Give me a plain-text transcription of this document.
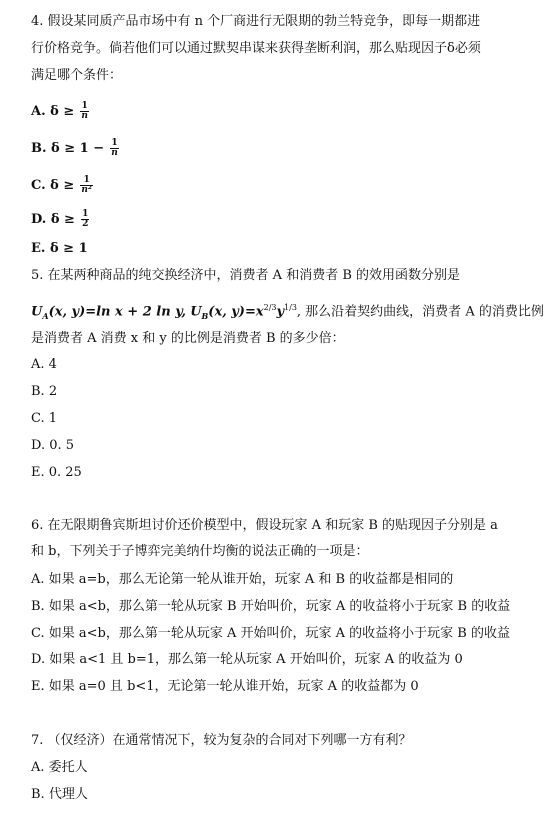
4. 假设某同质产品市场中有 n 个厂商进行无限期的勃兰特竞争，即每一期都进
行价格竞争。倘若他们可以通过默契串谋来获得垄断利润，那么贴现因子δ必须
满足哪个条件：
A. $\delta \ge \frac{1}{n}$
B. $\delta \ge 1 - \frac{1}{n}$
C. $\delta \ge \frac{1}{\text{n²}}$
D. $\delta \ge \frac{1}{2}$
E. δ ≥ 1
5. 在某两种商品的纯交换经济中，消费者 A 和消费者 B 的效用函数分别是
$U_A(x$, y)=ln x + 2 ln y, $U_B(x$, $y)=x^{2/3}y^{1/3}$, 那么沿着契约曲线，消费者 A 的消费比例
是消费者 A 消费 x 和 y 的比例是消费者 B 的多少倍：
A. 4
B. 2
C. 1
D. 0. 5
E. 0. 25
6. 在无限期鲁宾斯坦讨价还价模型中，假设玩家 A 和玩家 B 的贴现因子分别是 a
和 b，下列关于子博弈完美纳什均衡的说法正确的一项是：
A. 如果 a=b，那么无论第一轮从谁开始，玩家 A 和 B 的收益都是相同的
B. 如果 a<b，那么第一轮从玩家 B 开始叫价，玩家 A 的收益将小于玩家 B 的收益
C. 如果 a<b，那么第一轮从玩家 A 开始叫价，玩家 A 的收益将小于玩家 B 的收益
D. 如果 a<1 且 b=1，那么第一轮从玩家 A 开始叫价，玩家 A 的收益为 0
E. 如果 a=0 且 b<1，无论第一轮从谁开始，玩家 A 的收益都为 0
7. （仅经济）在通常情况下，较为复杂的合同对下列哪一方有利？
A. 委托人
B. 代理人
